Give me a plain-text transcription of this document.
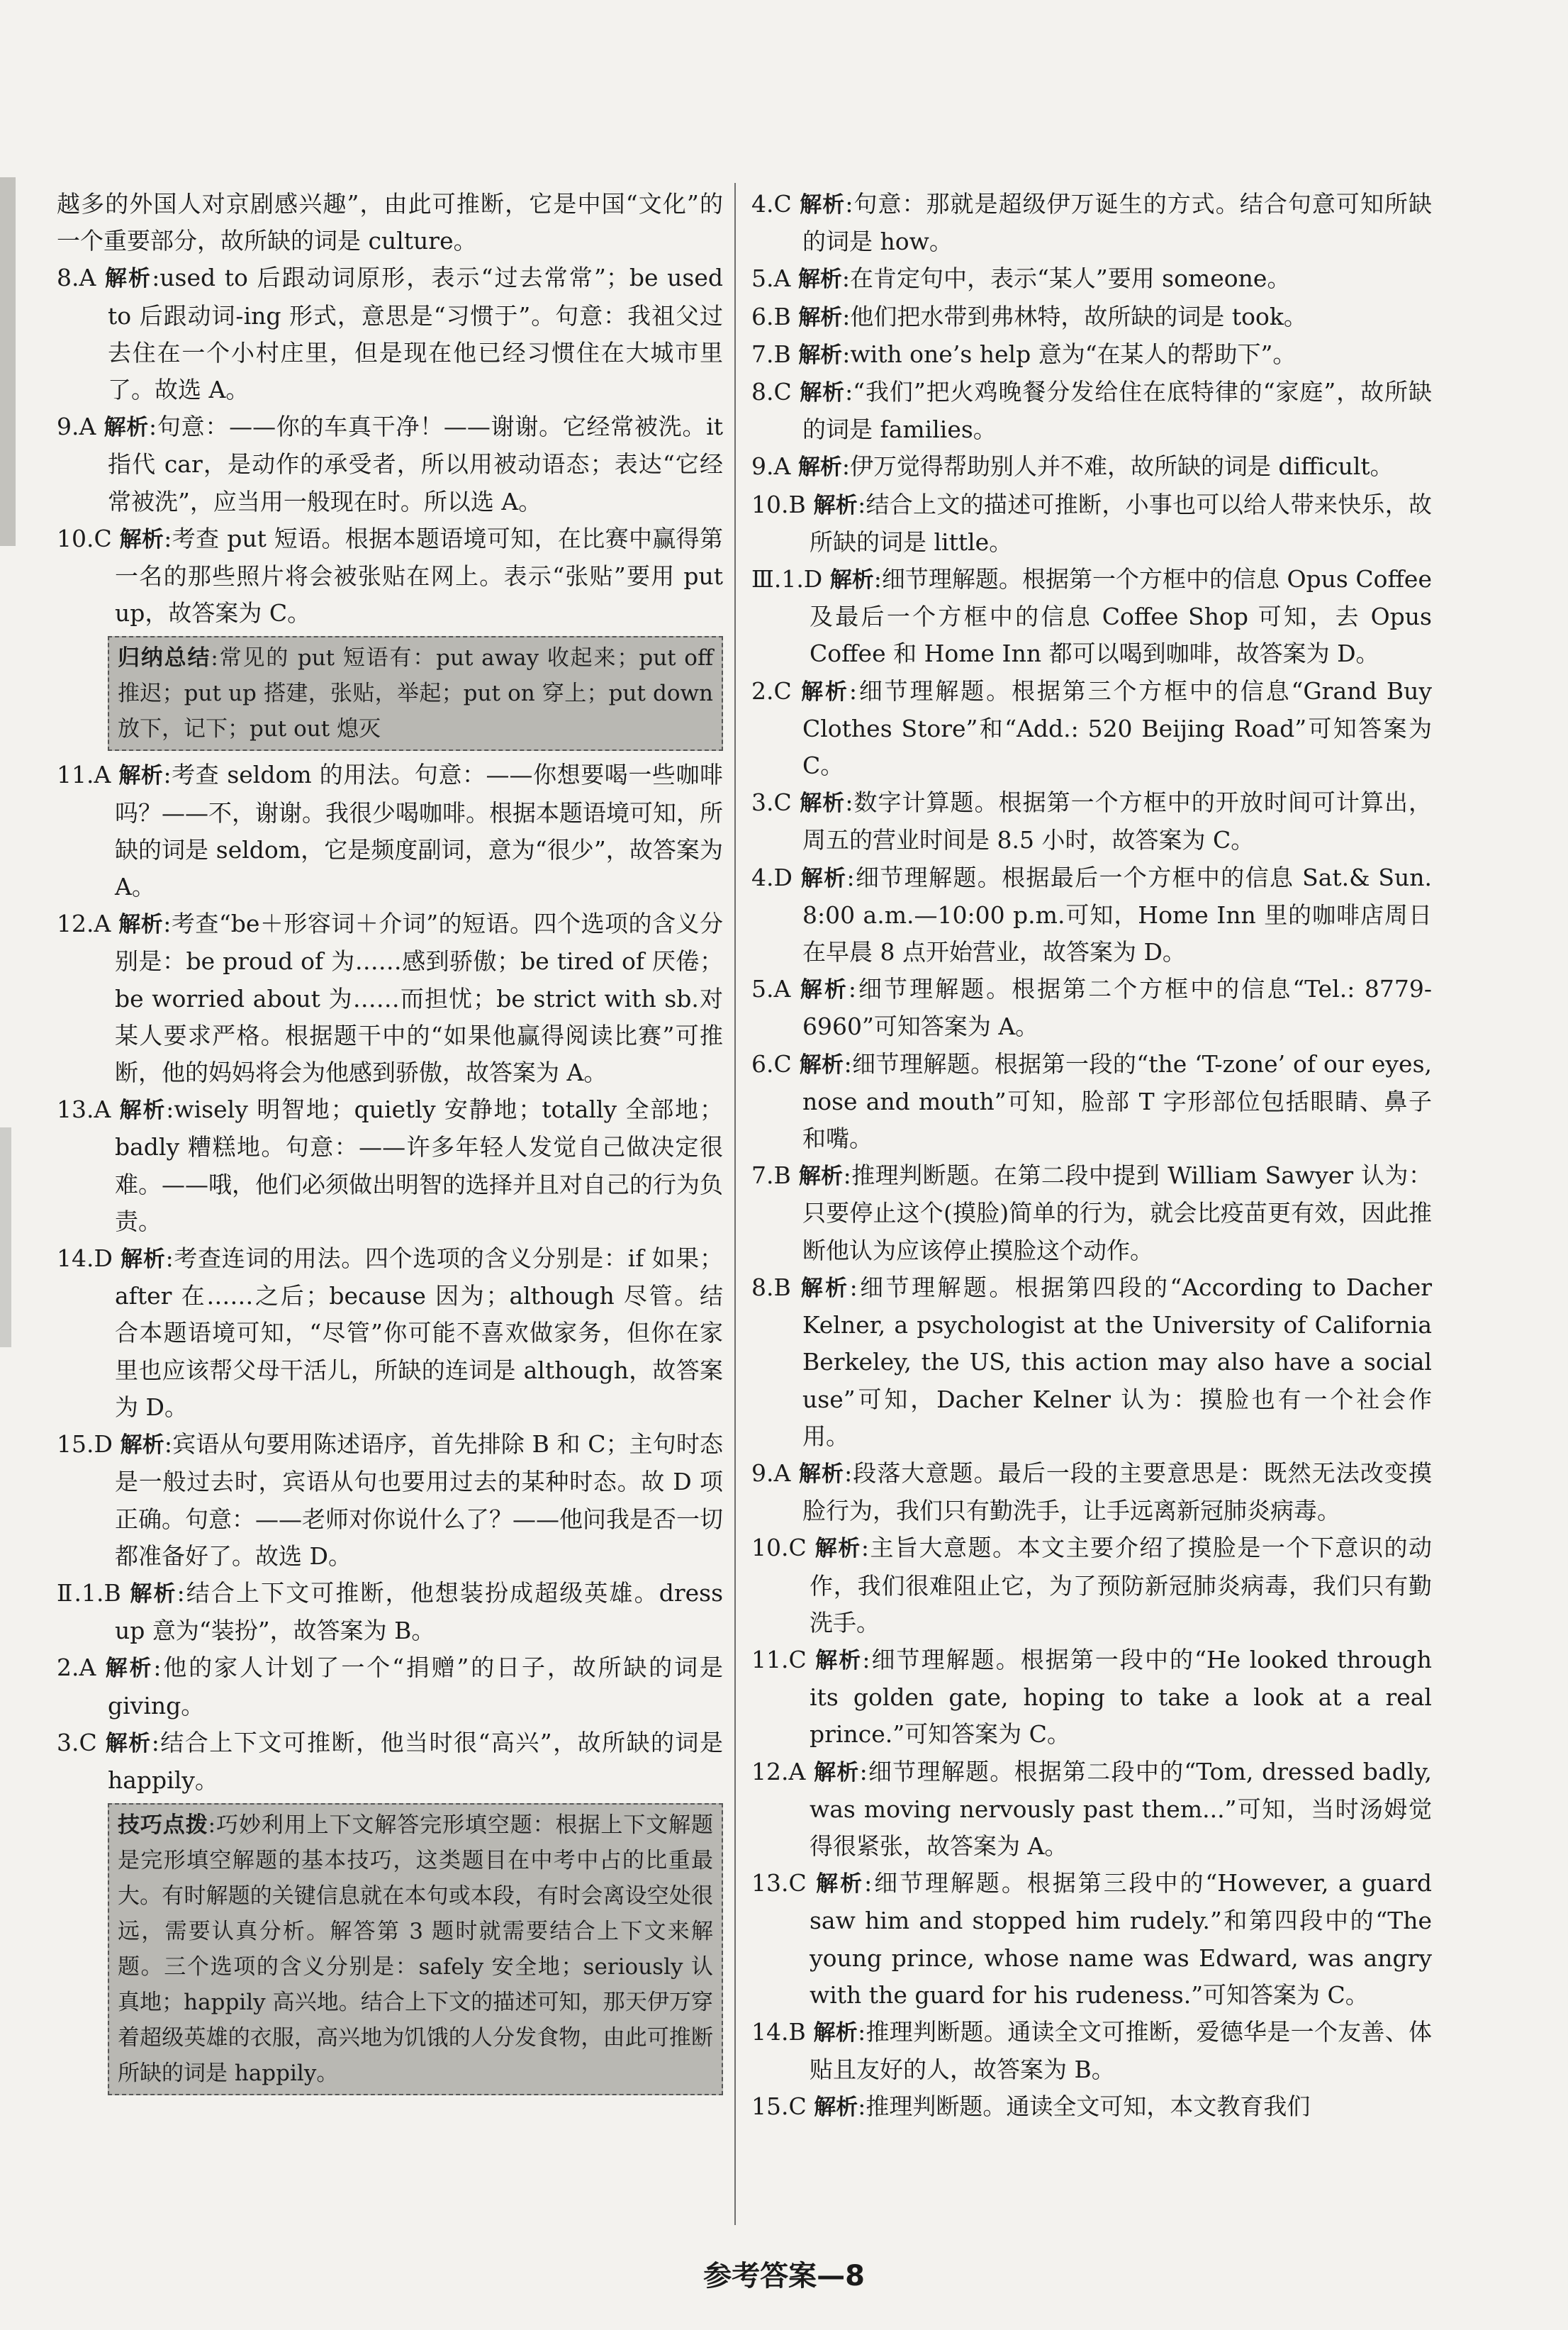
越多的外国人对京剧感兴趣”，由此可推断，它是中国“文化”的一个重要部分，故所缺的词是 culture。

8.A 解析:used to 后跟动词原形，表示“过去常常”；be used to 后跟动词-ing 形式，意思是“习惯于”。句意：我祖父过去住在一个小村庄里，但是现在他已经习惯住在大城市里了。故选 A。

9.A 解析:句意：——你的车真干净！——谢谢。它经常被洗。it 指代 car，是动作的承受者，所以用被动语态；表达“它经常被洗”，应当用一般现在时。所以选 A。

10.C 解析:考查 put 短语。根据本题语境可知，在比赛中赢得第一名的那些照片将会被张贴在网上。表示“张贴”要用 put up，故答案为 C。

归纳总结:常见的 put 短语有：put away 收起来；put off 推迟；put up 搭建，张贴，举起；put on 穿上；put down 放下，记下；put out 熄灭

11.A 解析:考查 seldom 的用法。句意：——你想要喝一些咖啡吗？——不，谢谢。我很少喝咖啡。根据本题语境可知，所缺的词是 seldom，它是频度副词，意为“很少”，故答案为 A。

12.A 解析:考查“be＋形容词＋介词”的短语。四个选项的含义分别是：be proud of 为……感到骄傲；be tired of 厌倦；be worried about 为……而担忧；be strict with sb.对某人要求严格。根据题干中的“如果他赢得阅读比赛”可推断，他的妈妈将会为他感到骄傲，故答案为 A。

13.A 解析:wisely 明智地；quietly 安静地；totally 全部地；badly 糟糕地。句意：——许多年轻人发觉自己做决定很难。——哦，他们必须做出明智的选择并且对自己的行为负责。

14.D 解析:考查连词的用法。四个选项的含义分别是：if 如果；after 在……之后；because 因为；although 尽管。结合本题语境可知，“尽管”你可能不喜欢做家务，但你在家里也应该帮父母干活儿，所缺的连词是 although，故答案为 D。

15.D 解析:宾语从句要用陈述语序，首先排除 B 和 C；主句时态是一般过去时，宾语从句也要用过去的某种时态。故 D 项正确。句意：——老师对你说什么了？——他问我是否一切都准备好了。故选 D。

Ⅱ.1.B 解析:结合上下文可推断，他想装扮成超级英雄。dress up 意为“装扮”，故答案为 B。

2.A 解析:他的家人计划了一个“捐赠”的日子，故所缺的词是 giving。

3.C 解析:结合上下文可推断，他当时很“高兴”，故所缺的词是 happily。

技巧点拨:巧妙利用上下文解答完形填空题：根据上下文解题是完形填空解题的基本技巧，这类题目在中考中占的比重最大。有时解题的关键信息就在本句或本段，有时会离设空处很远，需要认真分析。解答第 3 题时就需要结合上下文来解题。三个选项的含义分别是：safely 安全地；seriously 认真地；happily 高兴地。结合上下文的描述可知，那天伊万穿着超级英雄的衣服，高兴地为饥饿的人分发食物，由此可推断所缺的词是 happily。

4.C 解析:句意：那就是超级伊万诞生的方式。结合句意可知所缺的词是 how。

5.A 解析:在肯定句中，表示“某人”要用 someone。

6.B 解析:他们把水带到弗林特，故所缺的词是 took。

7.B 解析:with one’s help 意为“在某人的帮助下”。

8.C 解析:“我们”把火鸡晚餐分发给住在底特律的“家庭”，故所缺的词是 families。

9.A 解析:伊万觉得帮助别人并不难，故所缺的词是 difficult。

10.B 解析:结合上文的描述可推断，小事也可以给人带来快乐，故所缺的词是 little。

Ⅲ.1.D 解析:细节理解题。根据第一个方框中的信息 Opus Coffee 及最后一个方框中的信息 Coffee Shop 可知，去 Opus Coffee 和 Home Inn 都可以喝到咖啡，故答案为 D。

2.C 解析:细节理解题。根据第三个方框中的信息“Grand Buy Clothes Store”和“Add.: 520 Beijing Road”可知答案为 C。

3.C 解析:数字计算题。根据第一个方框中的开放时间可计算出，周五的营业时间是 8.5 小时，故答案为 C。

4.D 解析:细节理解题。根据最后一个方框中的信息 Sat.& Sun. 8:00 a.m.—10:00 p.m.可知，Home Inn 里的咖啡店周日在早晨 8 点开始营业，故答案为 D。

5.A 解析:细节理解题。根据第二个方框中的信息“Tel.: 8779-6960”可知答案为 A。

6.C 解析:细节理解题。根据第一段的“the ‘T-zone’ of our eyes, nose and mouth”可知，脸部 T 字形部位包括眼睛、鼻子和嘴。

7.B 解析:推理判断题。在第二段中提到 William Sawyer 认为：只要停止这个(摸脸)简单的行为，就会比疫苗更有效，因此推断他认为应该停止摸脸这个动作。

8.B 解析:细节理解题。根据第四段的“According to Dacher Kelner, a psychologist at the University of California Berkeley, the US, this action may also have a social use”可知，Dacher Kelner 认为：摸脸也有一个社会作用。

9.A 解析:段落大意题。最后一段的主要意思是：既然无法改变摸脸行为，我们只有勤洗手，让手远离新冠肺炎病毒。

10.C 解析:主旨大意题。本文主要介绍了摸脸是一个下意识的动作，我们很难阻止它，为了预防新冠肺炎病毒，我们只有勤洗手。

11.C 解析:细节理解题。根据第一段中的“He looked through its golden gate, hoping to take a look at a real prince.”可知答案为 C。

12.A 解析:细节理解题。根据第二段中的“Tom, dressed badly, was moving nervously past them...”可知，当时汤姆觉得很紧张，故答案为 A。

13.C 解析:细节理解题。根据第三段中的“However, a guard saw him and stopped him rudely.”和第四段中的“The young prince, whose name was Edward, was angry with the guard for his rudeness.”可知答案为 C。

14.B 解析:推理判断题。通读全文可推断，爱德华是一个友善、体贴且友好的人，故答案为 B。

15.C 解析:推理判断题。通读全文可知，本文教育我们

参考答案—8
